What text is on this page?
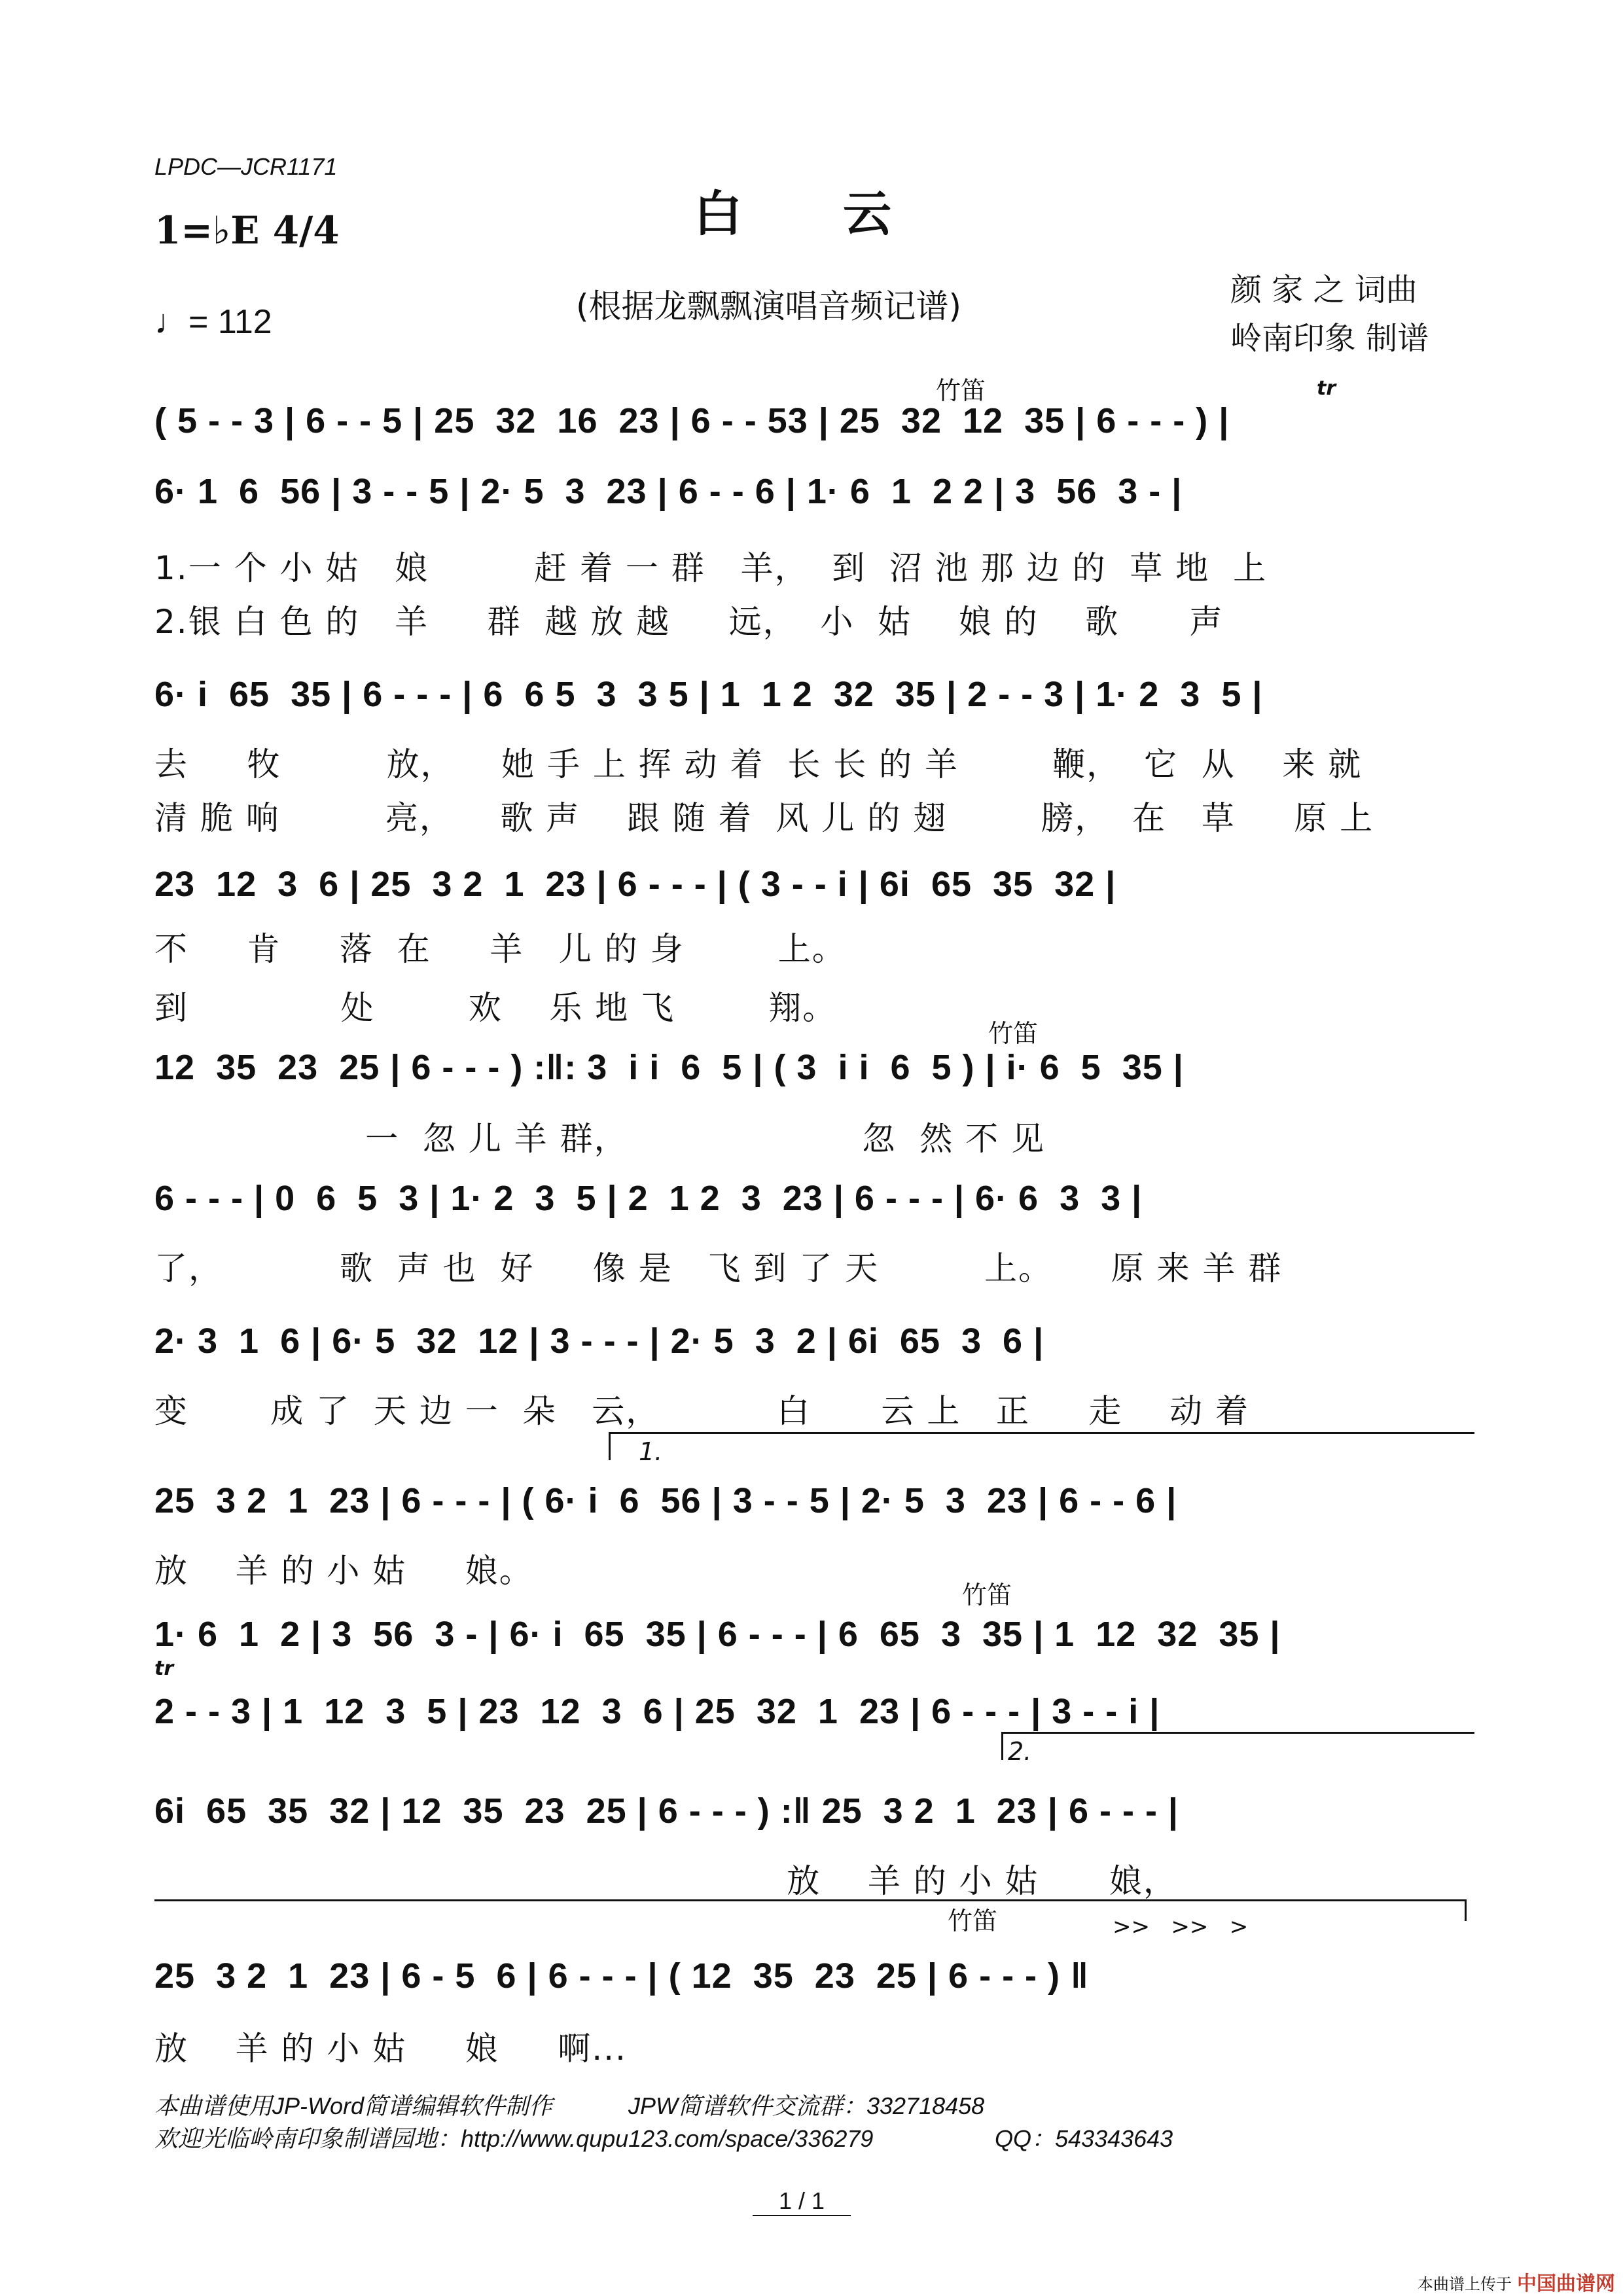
LPDC—JCR1171
白　　云
1=♭E 4/4
♩= 112	(根据龙飘飘演唱音频记谱)	颜 家 之 词曲
岭南印象 制谱
竹笛	tr
竹笛
竹笛
tr
1.
2.
竹笛	>>   >>   >
( 5 - - 3 | 6 - - 5 | 25  32  16  23 | 6 - - 53 | 25  32  12  35 | 6 - - - ) |
6· 1  6  56 | 3 - - 5 | 2· 5  3  23 | 6 - - 6 | 1· 6  1  2 2 | 3  56  3 - |
1.一 个 小 姑   娘         赶 着 一 群   羊，  到  沼 池 那 边 的  草 地  上
2.银 白 色 的   羊     群  越 放 越     远，  小  姑    娘 的    歌      声
6· i  65  35 | 6 - - - | 6  6 5  3  3 5 | 1  1 2  32  35 | 2 - - 3 | 1· 2  3  5 |
去     牧         放，    她 手 上 挥 动 着  长 长 的 羊        鞭，  它  从    来 就
清 脆 响         亮，    歌 声    跟 随 着  风 儿 的 翅        膀，  在   草     原 上
23  12  3  6 | 25  3 2  1  23 | 6 - - - | ( 3 - - i | 6i  65  35  32 |
不     肯     落  在     羊   儿 的 身        上。
到             处        欢    乐 地 飞        翔。
12  35  23  25 | 6 - - - ) :‖: 3  i i  6  5 | ( 3  i i  6  5 ) | i· 6  5  35 |
一  忽 儿 羊 群，                    忽  然 不 见
6 - - - | 0  6  5  3 | 1· 2  3  5 | 2  1 2  3  23 | 6 - - - | 6· 6  3  3 |
了，          歌  声 也  好     像 是   飞 到 了 天         上。     原 来 羊 群
2· 3  1  6 | 6· 5  32  12 | 3 - - - | 2· 5  3  2 | 6i  65  3  6 |
变       成 了  天 边 一  朵   云，          白      云 上   正     走    动 着
25  3 2  1  23 | 6 - - - | ( 6· i  6  56 | 3 - - 5 | 2· 5  3  23 | 6 - - 6 |
放    羊 的 小 姑     娘。
1· 6  1  2 | 3  56  3 - | 6· i  65  35 | 6 - - - | 6  65  3  35 | 1  12  32  35 |
2 - - 3 | 1  12  3  5 | 23  12  3  6 | 25  32  1  23 | 6 - - - | 3 - - i |
6i  65  35  32 | 12  35  23  25 | 6 - - - ) :‖ 25  3 2  1  23 | 6 - - - |
放    羊 的 小 姑      娘，
25  3 2  1  23 | 6 - 5  6 | 6 - - - | ( 12  35  23  25 | 6 - - - ) ‖
放    羊 的 小 姑     娘     啊...
本曲谱使用JP-Word简谱编辑软件制作	JPW简谱软件交流群：332718458
欢迎光临岭南印象制谱园地：http://www.qupu123.com/space/336279	QQ：543343643
1 / 1
本曲谱上传于 中国曲谱网
